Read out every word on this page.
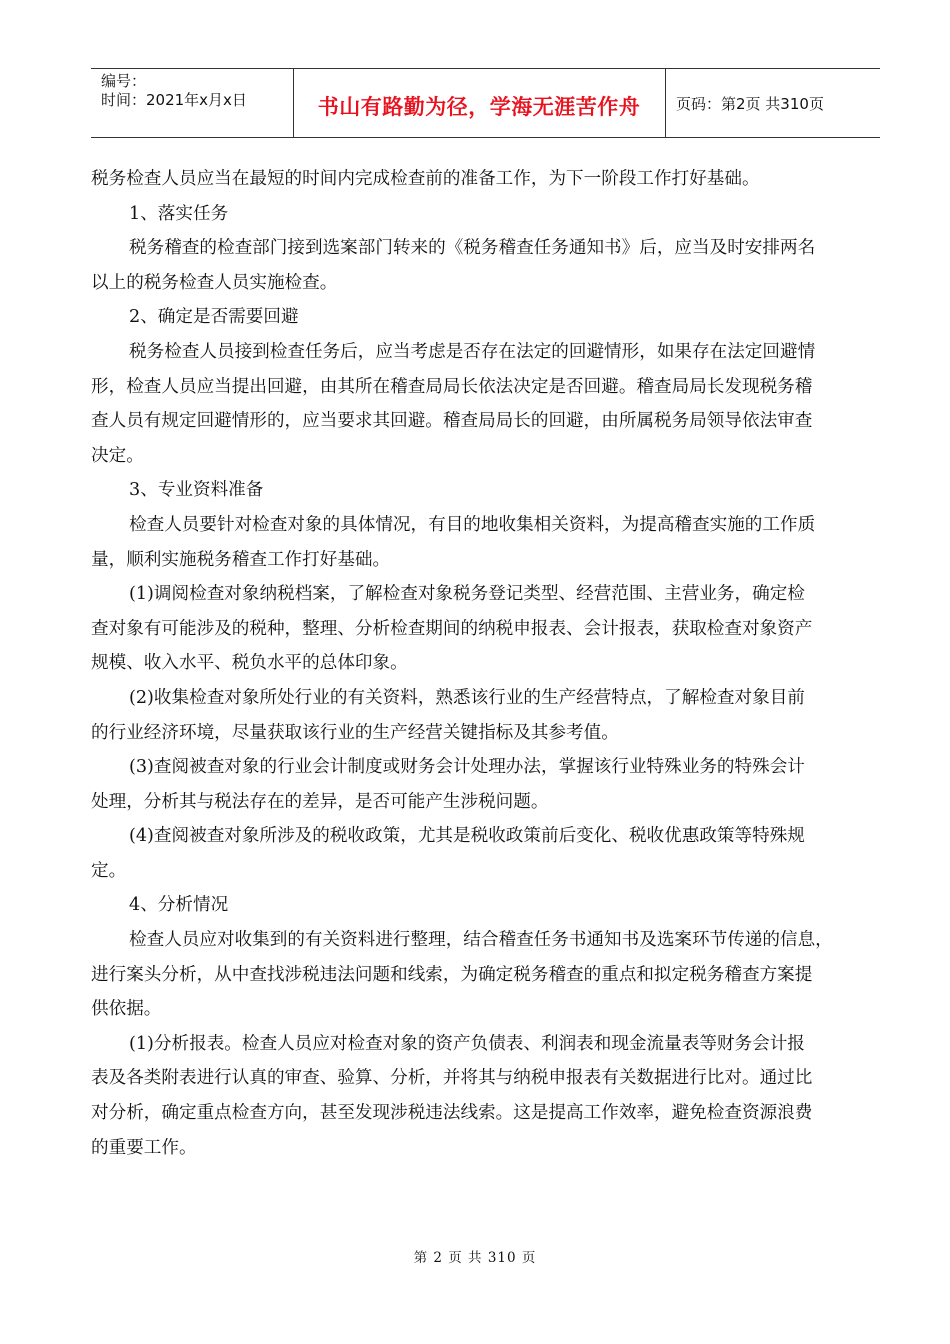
编号：
时间：2021年x月x日	书山有路勤为径，学海无涯苦作舟	页码：第2页 共310页

税务检查人员应当在最短的时间内完成检查前的准备工作，为下一阶段工作打好基础。

1、落实任务

税务稽查的检查部门接到选案部门转来的《税务稽查任务通知书》后，应当及时安排两名
以上的税务检查人员实施检查。

2、确定是否需要回避

税务检查人员接到检查任务后，应当考虑是否存在法定的回避情形，如果存在法定回避情
形，检查人员应当提出回避，由其所在稽查局局长依法决定是否回避。稽查局局长发现税务稽
查人员有规定回避情形的，应当要求其回避。稽查局局长的回避，由所属税务局领导依法审查
决定。

3、专业资料准备

检查人员要针对检查对象的具体情况，有目的地收集相关资料，为提高稽查实施的工作质
量，顺利实施税务稽查工作打好基础。

(1)调阅检查对象纳税档案，了解检查对象税务登记类型、经营范围、主营业务，确定检
查对象有可能涉及的税种，整理、分析检查期间的纳税申报表、会计报表，获取检查对象资产
规模、收入水平、税负水平的总体印象。

(2)收集检查对象所处行业的有关资料，熟悉该行业的生产经营特点，了解检查对象目前
的行业经济环境，尽量获取该行业的生产经营关键指标及其参考值。

(3)查阅被查对象的行业会计制度或财务会计处理办法，掌握该行业特殊业务的特殊会计
处理，分析其与税法存在的差异，是否可能产生涉税问题。

(4)查阅被查对象所涉及的税收政策，尤其是税收政策前后变化、税收优惠政策等特殊规
定。

4、分析情况

检查人员应对收集到的有关资料进行整理，结合稽查任务书通知书及选案环节传递的信息，
进行案头分析，从中查找涉税违法问题和线索，为确定税务稽查的重点和拟定税务稽查方案提
供依据。

(1)分析报表。检查人员应对检查对象的资产负债表、利润表和现金流量表等财务会计报
表及各类附表进行认真的审查、验算、分析，并将其与纳税申报表有关数据进行比对。通过比
对分析，确定重点检查方向，甚至发现涉税违法线索。这是提高工作效率，避免检查资源浪费
的重要工作。

第 2 页 共 310 页
